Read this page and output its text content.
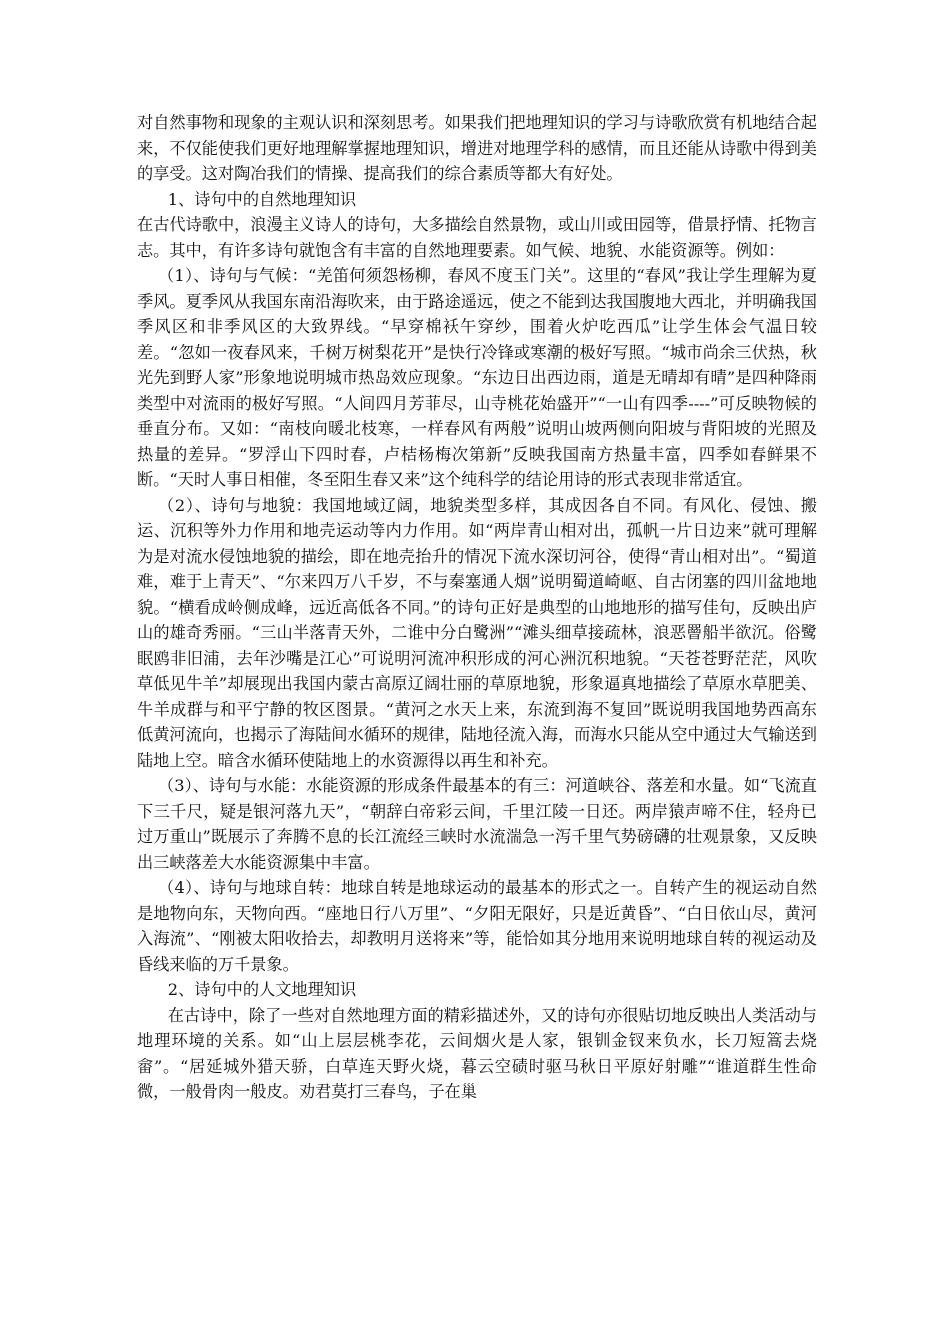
对自然事物和现象的主观认识和深刻思考。如果我们把地理知识的学习与诗歌欣赏有机地结合起来，不仅能使我们更好地理解掌握地理知识，增进对地理学科的感情，而且还能从诗歌中得到美的享受。这对陶冶我们的情操、提高我们的综合素质等都大有好处。

1、诗句中的自然地理知识

在古代诗歌中，浪漫主义诗人的诗句，大多描绘自然景物，或山川或田园等，借景抒情、托物言志。其中，有许多诗句就饱含有丰富的自然地理要素。如气候、地貌、水能资源等。例如：

（1）、诗句与气候：“羌笛何须怨杨柳，春风不度玉门关”。这里的“春风”我让学生理解为夏季风。夏季风从我国东南沿海吹来，由于路途遥远，使之不能到达我国腹地大西北，并明确我国季风区和非季风区的大致界线。“早穿棉袄午穿纱，围着火炉吃西瓜”让学生体会气温日较差。“忽如一夜春风来，千树万树梨花开”是快行冷锋或寒潮的极好写照。“城市尚余三伏热，秋光先到野人家”形象地说明城市热岛效应现象。“东边日出西边雨，道是无晴却有晴”是四种降雨类型中对流雨的极好写照。“人间四月芳菲尽，山寺桃花始盛开”“一山有四季----”可反映物候的垂直分布。又如：“南枝向暖北枝寒，一样春风有两般”说明山坡两侧向阳坡与背阳坡的光照及热量的差异。“罗浮山下四时春，卢桔杨梅次第新”反映我国南方热量丰富，四季如春鲜果不断。“天时人事日相催，冬至阳生春又来”这个纯科学的结论用诗的形式表现非常适宜。

（2）、诗句与地貌：我国地域辽阔，地貌类型多样，其成因各自不同。有风化、侵蚀、搬运、沉积等外力作用和地壳运动等内力作用。如“两岸青山相对出，孤帆一片日边来”就可理解为是对流水侵蚀地貌的描绘，即在地壳抬升的情况下流水深切河谷，使得“青山相对出”。“蜀道难，难于上青天”、“尔来四万八千岁，不与秦塞通人烟”说明蜀道崎岖、自古闭塞的四川盆地地貌。“横看成岭侧成峰，远近高低各不同。”的诗句正好是典型的山地地形的描写佳句，反映出庐山的雄奇秀丽。“三山半落青天外，二谁中分白鹭洲”“滩头细草接疏林，浪恶罾船半欲沉。俗鹭眠鸥非旧浦，去年沙嘴是江心”可说明河流冲积形成的河心洲沉积地貌。“天苍苍野茫茫，风吹草低见牛羊”却展现出我国内蒙古高原辽阔壮丽的草原地貌，形象逼真地描绘了草原水草肥美、牛羊成群与和平宁静的牧区图景。“黄河之水天上来，东流到海不复回”既说明我国地势西高东低黄河流向，也揭示了海陆间水循环的规律，陆地径流入海，而海水只能从空中通过大气输送到陆地上空。暗含水循环使陆地上的水资源得以再生和补充。

（3）、诗句与水能：水能资源的形成条件最基本的有三：河道峡谷、落差和水量。如“飞流直下三千尺，疑是银河落九天”，“朝辞白帝彩云间，千里江陵一日还。两岸猿声啼不住，轻舟已过万重山”既展示了奔腾不息的长江流经三峡时水流湍急一泻千里气势磅礴的壮观景象，又反映出三峡落差大水能资源集中丰富。

（4）、诗句与地球自转：地球自转是地球运动的最基本的形式之一。自转产生的视运动自然是地物向东，天物向西。“座地日行八万里”、“夕阳无限好，只是近黄昏”、“白日依山尽，黄河入海流”、“刚被太阳收拾去，却教明月送将来”等，能恰如其分地用来说明地球自转的视运动及昏线来临的万千景象。

2、诗句中的人文地理知识

在古诗中，除了一些对自然地理方面的精彩描述外，又的诗句亦很贴切地反映出人类活动与地理环境的关系。如“山上层层桃李花，云间烟火是人家，银钏金钗来负水，长刀短篙去烧畲”。“居延城外猎天骄，白草连天野火烧，暮云空碛时驱马秋日平原好射雕”“谁道群生性命微，一般骨肉一般皮。劝君莫打三春鸟，子在巢
